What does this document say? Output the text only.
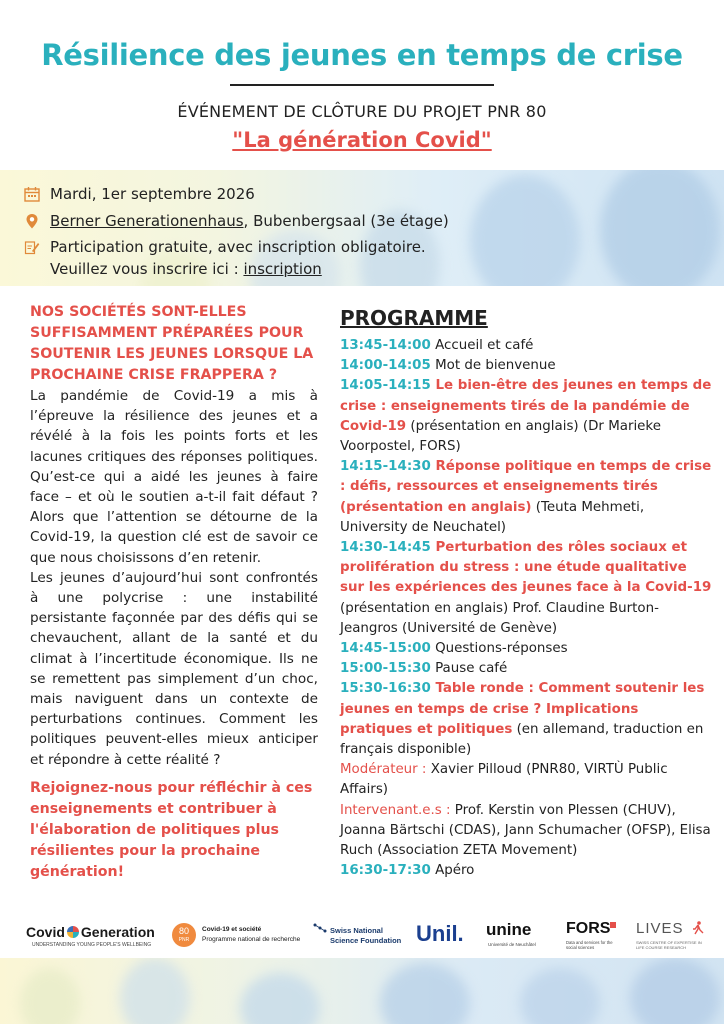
Résilience des jeunes en temps de crise
ÉVÉNEMENT DE CLÔTURE DU PROJET PNR 80
"La génération Covid"
Mardi, 1er septembre 2026
Berner Generationenhaus, Bubenbergsaal (3e étage)
Participation gratuite, avec inscription obligatoire.
Veuillez vous inscrire ici : inscription
NOS SOCIÉTÉS SONT-ELLES SUFFISAMMENT PRÉPARÉES POUR SOUTENIR LES JEUNES LORSQUE LA PROCHAINE CRISE FRAPPERA ?
La pandémie de Covid-19 a mis à l’épreuve la résilience des jeunes et a révélé à la fois les points forts et les lacunes critiques des réponses politiques. Qu’est-ce qui a aidé les jeunes à faire face – et où le soutien a-t-il fait défaut ? Alors que l’attention se détourne de la Covid-19, la question clé est de savoir ce que nous choisissons d’en retenir.
Les jeunes d’aujourd’hui sont confrontés à une polycrise : une instabilité persistante façonnée par des défis qui se chevauchent, allant de la santé et du climat à l’incertitude économique. Ils ne se remettent pas simplement d’un choc, mais naviguent dans un contexte de perturbations continues. Comment les politiques peuvent-elles mieux anticiper et répondre à cette réalité ?
Rejoignez-nous pour réfléchir à ces enseignements et contribuer à l'élaboration de politiques plus résilientes pour la prochaine génération!
PROGRAMME
13:45-14:00 Accueil et café
14:00-14:05 Mot de bienvenue
14:05-14:15 Le bien-être des jeunes en temps de crise : enseignements tirés de la pandémie de Covid-19 (présentation en anglais) (Dr Marieke Voorpostel, FORS)
14:15-14:30 Réponse politique en temps de crise : défis, ressources et enseignements tirés (présentation en anglais) (Teuta Mehmeti, University de Neuchatel)
14:30-14:45 Perturbation des rôles sociaux et prolifération du stress : une étude qualitative sur les expériences des jeunes face à la Covid-19 (présentation en anglais) Prof. Claudine Burton-Jeangros (Université de Genève)
14:45-15:00 Questions-réponses
15:00-15:30 Pause café
15:30-16:30 Table ronde : Comment soutenir les jeunes en temps de crise ? Implications pratiques et politiques (en allemand, traduction en français disponible)
Modérateur : Xavier Pilloud (PNR80, VIRTÙ Public Affairs)
Intervenant.e.s : Prof. Kerstin von Plessen (CHUV), Joanna Bärtschi (CDAS), Jann Schumacher (OFSP), Elisa Ruch (Association ZETA Movement)
16:30-17:30 Apéro
Covid Generation
UNDERSTANDING YOUNG PEOPLE'S WELLBEING
80
PNR
Covid-19 et société
Programme national de recherche
Swiss National
Science Foundation Unil. unine
Université de Neuchâtel
FORS
Data and services for the social sciences
LIVES
SWISS CENTRE OF EXPERTISE IN LIFE COURSE RESEARCH
